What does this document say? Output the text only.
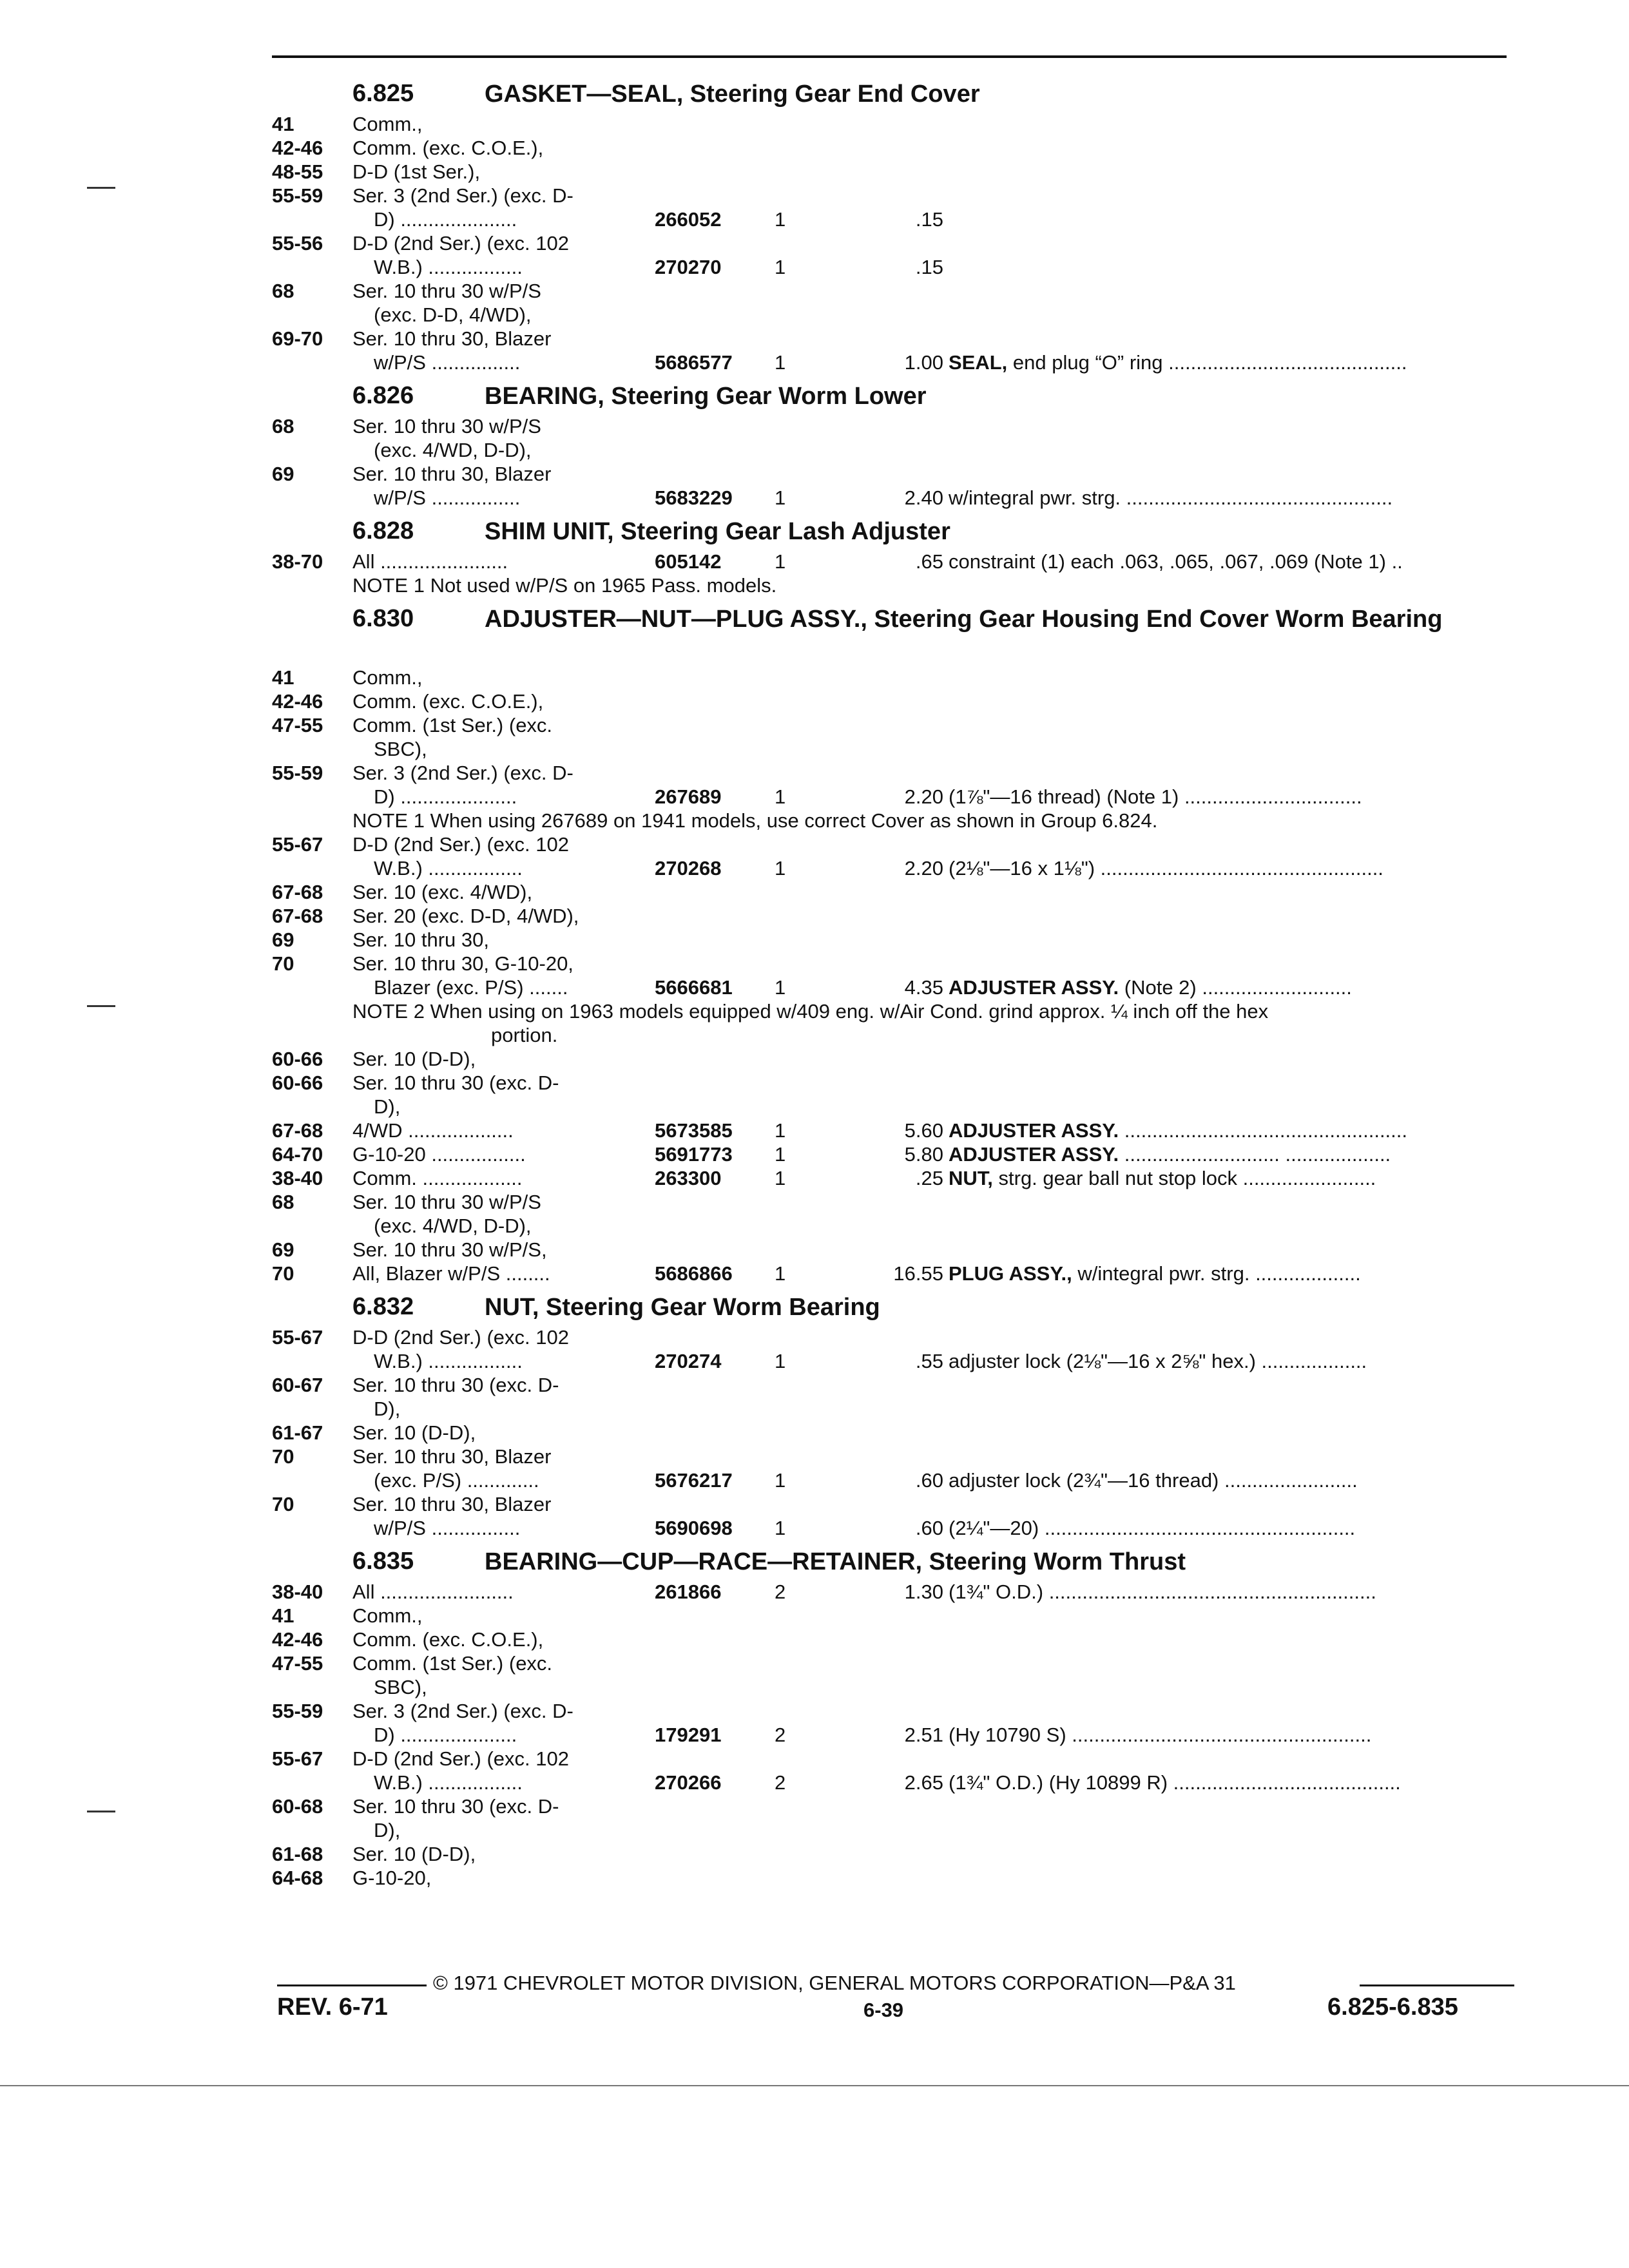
6.825	GASKET—SEAL, Steering Gear End Cover
41	Comm.,
42-46 Comm. (exc. C.O.E.),
48-55 D-D (1st Ser.),
55-59 Ser. 3 (2nd Ser.) (exc. D-
D) .....................	266052	1	.15
55-56 D-D (2nd Ser.) (exc. 102
W.B.) .................	270270	1	.15
68	Ser. 10 thru 30 w/P/S
(exc. D-D, 4/WD),
69-70 Ser. 10 thru 30, Blazer
w/P/S ................	5686577 1	1.00 SEAL, end plug “O” ring ...........................................
6.826	BEARING, Steering Gear Worm Lower
68	Ser. 10 thru 30 w/P/S
(exc. 4/WD, D-D),
69	Ser. 10 thru 30, Blazer
w/P/S ................	5683229 1	2.40 w/integral pwr. strg. ................................................
6.828	SHIM UNIT, Steering Gear Lash Adjuster
38-70 All .......................	605142	1	.65 constraint (1) each .063, .065, .067, .069 (Note 1) ..
NOTE 1 Not used w/P/S on 1965 Pass. models.
6.830	ADJUSTER—NUT—PLUG ASSY., Steering Gear Housing End Cover Worm Bearing
41	Comm.,
42-46 Comm. (exc. C.O.E.),
47-55 Comm. (1st Ser.) (exc.
SBC),
55-59 Ser. 3 (2nd Ser.) (exc. D-
D) .....................	267689	1	2.20 (1⅞"—16 thread) (Note 1) ................................
NOTE 1 When using 267689 on 1941 models, use correct Cover as shown in Group 6.824.
55-67 D-D (2nd Ser.) (exc. 102
W.B.) .................	270268	1	2.20 (2⅛"—16 x 1⅛") ...................................................
67-68 Ser. 10 (exc. 4/WD),
67-68 Ser. 20 (exc. D-D, 4/WD),
69	Ser. 10 thru 30,
70	Ser. 10 thru 30, G-10-20,
Blazer (exc. P/S) .......	5666681 1	4.35 ADJUSTER ASSY. (Note 2) ...........................
NOTE 2 When using on 1963 models equipped w/409 eng. w/Air Cond. grind approx. ¼ inch off the hex
portion.
60-66 Ser. 10 (D-D),
60-66 Ser. 10 thru 30 (exc. D-
D),
67-68 4/WD ...................	5673585 1	5.60 ADJUSTER ASSY. ...................................................
64-70 G-10-20 .................	5691773 1	5.80 ADJUSTER ASSY. ............................ ...................
38-40 Comm. ..................	263300	1	.25 NUT, strg. gear ball nut stop lock ........................
68	Ser. 10 thru 30 w/P/S
(exc. 4/WD, D-D),
69	Ser. 10 thru 30 w/P/S,
70	All, Blazer w/P/S ........	5686866 1	16.55 PLUG ASSY., w/integral pwr. strg. ...................
6.832	NUT, Steering Gear Worm Bearing
55-67 D-D (2nd Ser.) (exc. 102
W.B.) .................	270274	1	.55 adjuster lock (2⅛"—16 x 2⅝" hex.) ...................
60-67 Ser. 10 thru 30 (exc. D-
D),
61-67 Ser. 10 (D-D),
70	Ser. 10 thru 30, Blazer
(exc. P/S) .............	5676217 1	.60 adjuster lock (2¾"—16 thread) ........................
70	Ser. 10 thru 30, Blazer
w/P/S ................	5690698 1	.60 (2¼"—20) ........................................................
6.835	BEARING—CUP—RACE—RETAINER, Steering Worm Thrust
38-40 All ........................	261866	2	1.30 (1¾" O.D.) ...........................................................
41	Comm.,
42-46 Comm. (exc. C.O.E.),
47-55 Comm. (1st Ser.) (exc.
SBC),
55-59 Ser. 3 (2nd Ser.) (exc. D-
D) .....................	179291	2	2.51 (Hy 10790 S) ......................................................
55-67 D-D (2nd Ser.) (exc. 102
W.B.) .................	270266	2	2.65 (1¾" O.D.) (Hy 10899 R) .........................................
60-68 Ser. 10 thru 30 (exc. D-
D),
61-68 Ser. 10 (D-D),
64-68 G-10-20,
© 1971 CHEVROLET MOTOR DIVISION, GENERAL MOTORS CORPORATION—P&A 31
REV. 6-71	6-39	6.825-6.835
